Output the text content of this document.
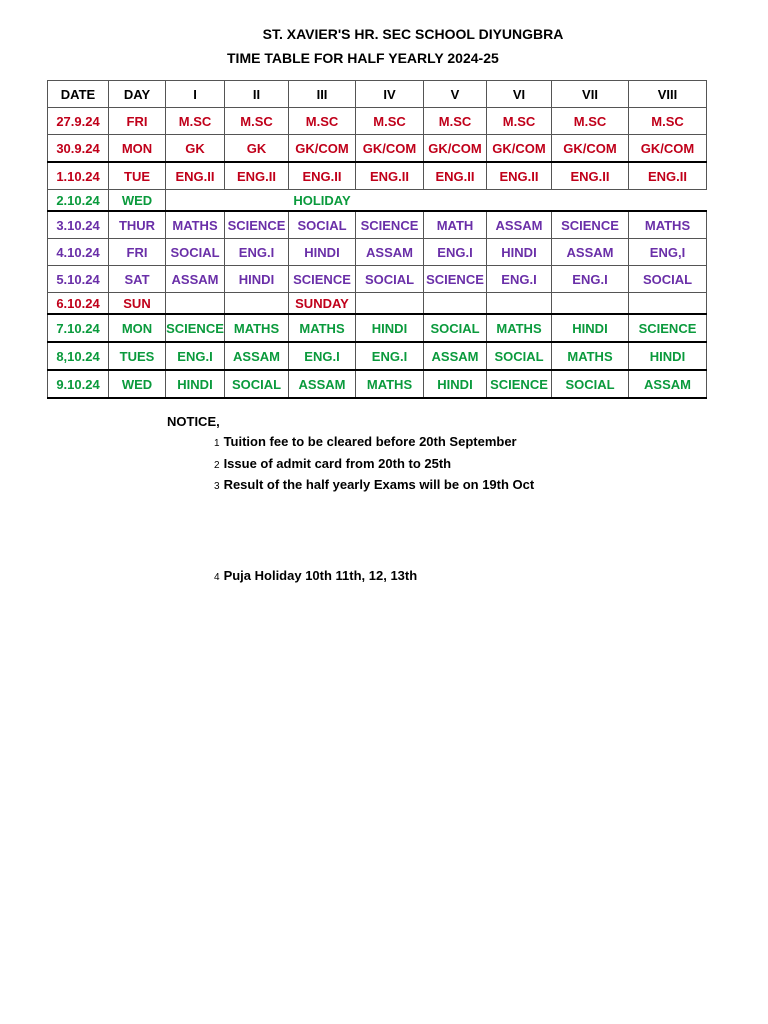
ST. XAVIER'S HR. SEC SCHOOL DIYUNGBRA
TIME TABLE FOR HALF YEARLY 2024-25
DATE	DAY	I	II	III	IV	V	VI	VII	VIII
27.9.24	FRI	M.SC	M.SC	M.SC	M.SC	M.SC	M.SC	M.SC	M.SC
30.9.24	MON	GK	GK	GK/COM	GK/COM	GK/COM	GK/COM	GK/COM	GK/COM
1.10.24	TUE	ENG.II	ENG.II	ENG.II	ENG.II	ENG.II	ENG.II	ENG.II	ENG.II
2.10.24	WED			HOLIDAY					
3.10.24	THUR	MATHS	SCIENCE	SOCIAL	SCIENCE	MATH	ASSAM	SCIENCE	MATHS
4.10.24	FRI	SOCIAL	ENG.I	HINDI	ASSAM	ENG.I	HINDI	ASSAM	ENG,I
5.10.24	SAT	ASSAM	HINDI	SCIENCE	SOCIAL	SCIENCE	ENG.I	ENG.I	SOCIAL
6.10.24	SUN			SUNDAY					
7.10.24	MON	SCIENCE	MATHS	MATHS	HINDI	SOCIAL	MATHS	HINDI	SCIENCE
8,10.24	TUES	ENG.I	ASSAM	ENG.I	ENG.I	ASSAM	SOCIAL	MATHS	HINDI
9.10.24	WED	HINDI	SOCIAL	ASSAM	MATHS	HINDI	SCIENCE	SOCIAL	ASSAM
NOTICE,
1 Tuition fee to be cleared before 20th September
2 Issue of admit card from 20th to 25th
3 Result of the half yearly Exams will be on 19th Oct
4 Puja Holiday 10th 11th, 12, 13th
